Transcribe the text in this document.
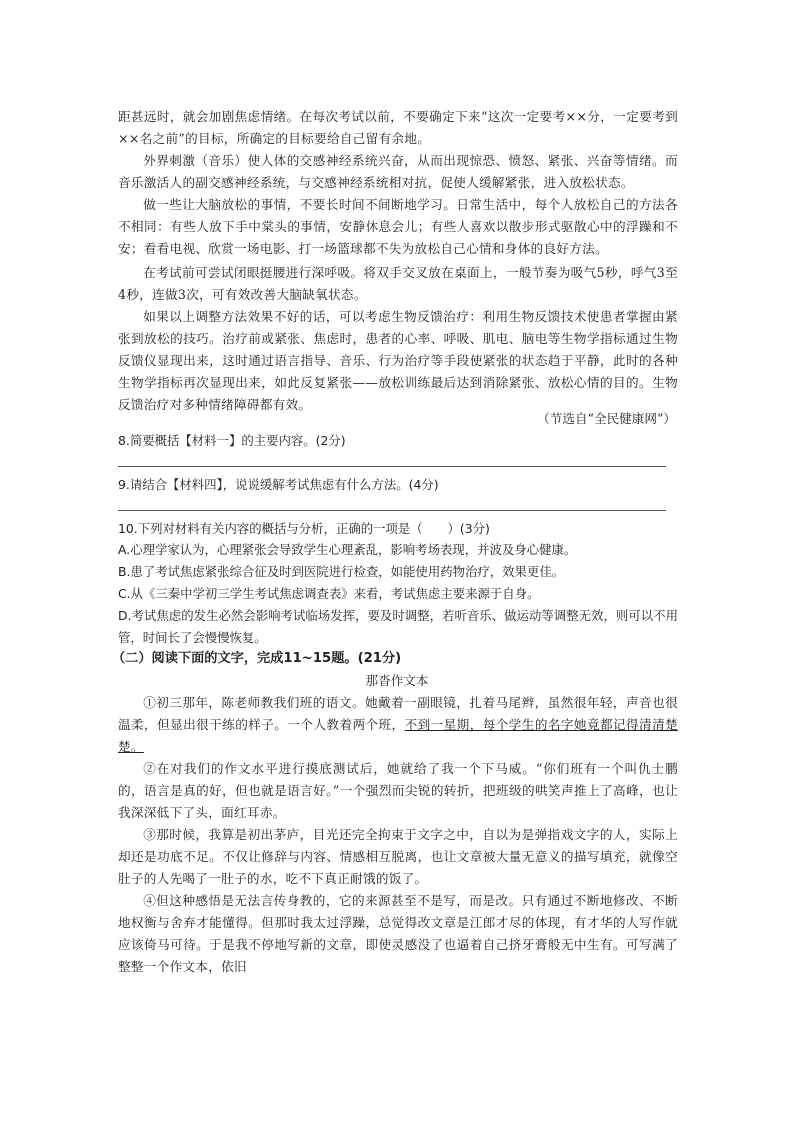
距甚远时，就会加剧焦虑情绪。在每次考试以前，不要确定下来“这次一定要考××分，一定要考到××名之前”的目标，所确定的目标要给自己留有余地。

外界刺激（音乐）使人体的交感神经系统兴奋，从而出现惊恐、愤怒、紧张、兴奋等情绪。而音乐激活人的副交感神经系统，与交感神经系统相对抗，促使人缓解紧张，进入放松状态。

做一些让大脑放松的事情，不要长时间不间断地学习。日常生活中，每个人放松自己的方法各不相同：有些人放下手中棠头的事情，安静休息会儿；有些人喜欢以散步形式驱散心中的浮躁和不安；看看电视、欣赏一场电影、打一场篮球都不失为放松自己心情和身体的良好方法。

在考试前可尝试闭眼挺腰进行深呼吸。将双手交叉放在桌面上，一般节奏为吸气5秒，呼气3至4秒，连做3次，可有效改善大脑缺氧状态。

如果以上调整方法效果不好的话，可以考虑生物反馈治疗：利用生物反馈技术使患者掌握由紧张到放松的技巧。治疗前或紧张、焦虑时，患者的心率、呼吸、肌电、脑电等生物学指标通过生物反馈仪显现出来，这时通过语言指导、音乐、行为治疗等手段使紧张的状态趋于平静，此时的各种生物学指标再次显现出来，如此反复紧张——放松训练最后达到消除紧张、放松心情的目的。生物反馈治疗对多种情绪障碍都有效。

（节选自“全民健康网”）
8.简要概括【材料一】的主要内容。(2分)
9.请结合【材料四】，说说缓解考试焦虑有什么方法。(4分)
10.下列对材料有关内容的概括与分析，正确的一项是（　　）(3分)
A.心理学家认为，心理紧张会导致学生心理紊乱，影响考场表现，并波及身心健康。
B.患了考试焦虑紧张综合征及时到医院进行检查，如能使用药物治疗，效果更佳。
C.从《三秦中学初三学生考试焦虑调查表》来看，考试焦虑主要来源于自身。
D.考试焦虑的发生必然会影响考试临场发挥，要及时调整，若听音乐、做运动等调整无效，则可以不用管，时间长了会慢慢恢复。
（二）阅读下面的文字，完成11~15题。(21分)
那沓作文本

①初三那年，陈老师教我们班的语文。她戴着一副眼镜，扎着马尾辫，虽然很年轻，声音也很温柔，但显出很干练的样子。一个人教着两个班，不到一星期，每个学生的名字她竟都记得清清楚楚。

②在对我们的作文水平进行摸底测试后，她就给了我一个下马威。“你们班有一个叫仇士鹏的，语言是真的好，但也就是语言好。”一个强烈而尖锐的转折，把班级的哄笑声推上了高峰，也让我深深低下了头，面红耳赤。

③那时候，我算是初出茅庐，目光还完全拘束于文字之中，自以为是弹指戏文字的人，实际上却还是功底不足。不仅让修辞与内容、情感相互脱离，也让文章被大量无意义的描写填充，就像空肚子的人先喝了一肚子的水，吃不下真正耐饿的饭了。

④但这种感悟是无法言传身教的，它的来源甚至不是写，而是改。只有通过不断地修改、不断地权衡与舍弃才能懂得。但那时我太过浮躁，总觉得改文章是江郎才尽的体现，有才华的人写作就应该倚马可待。于是我不停地写新的文章，即使灵感没了也逼着自己挤牙膏般无中生有。可写满了整整一个作文本，依旧
